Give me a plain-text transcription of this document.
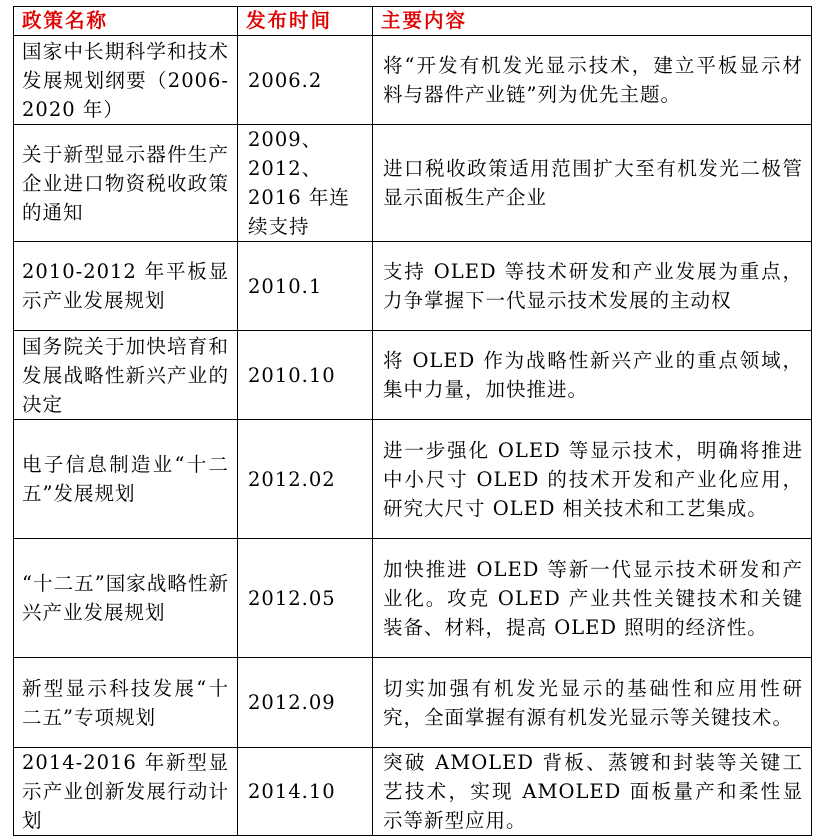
政策名称	发布时间	主要内容
国家中长期科学和技术发展规划纲要（2006-2020 年）	2006.2	将“开发有机发光显示技术，建立平板显示材料与器件产业链”列为优先主题。
关于新型显示器件生产企业进口物资税收政策的通知	2009、2012、2016 年连续支持	进口税收政策适用范围扩大至有机发光二极管显示面板生产企业
2010-2012 年平板显示产业发展规划	2010.1	支持 OLED 等技术研发和产业发展为重点，力争掌握下一代显示技术发展的主动权
国务院关于加快培育和发展战略性新兴产业的决定	2010.10	将 OLED 作为战略性新兴产业的重点领域，集中力量，加快推进。
电子信息制造业“十二五”发展规划	2012.02	进一步强化 OLED 等显示技术，明确将推进中小尺寸 OLED 的技术开发和产业化应用，研究大尺寸 OLED 相关技术和工艺集成。
“十二五”国家战略性新兴产业发展规划	2012.05	加快推进 OLED 等新一代显示技术研发和产业化。攻克 OLED 产业共性关键技术和关键装备、材料，提高 OLED 照明的经济性。
新型显示科技发展“十二五”专项规划	2012.09	切实加强有机发光显示的基础性和应用性研究，全面掌握有源有机发光显示等关键技术。
2014-2016 年新型显示产业创新发展行动计划	2014.10	突破 AMOLED 背板、蒸镀和封装等关键工艺技术，实现 AMOLED 面板量产和柔性显示等新型应用。
